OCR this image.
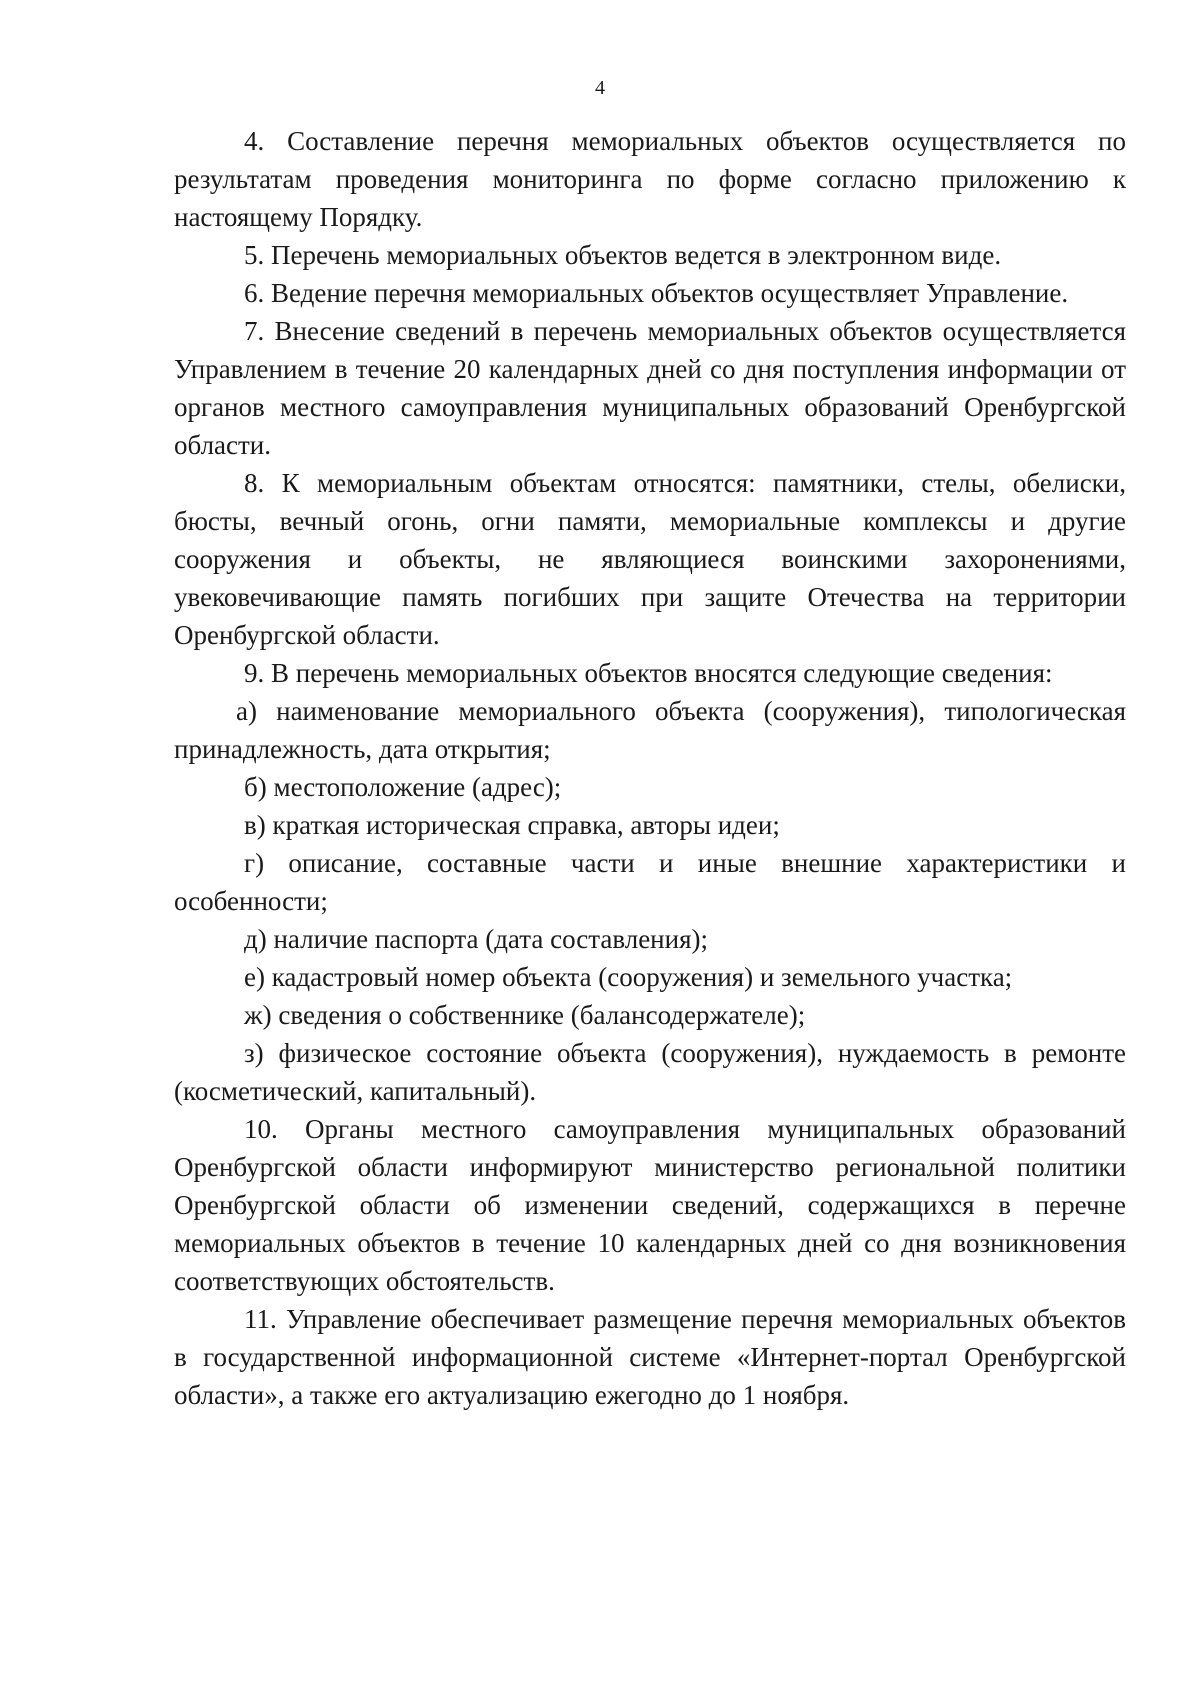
4

4. Составление перечня мемориальных объектов осуществляется по результатам проведения мониторинга по форме согласно приложению к настоящему Порядку.

5. Перечень мемориальных объектов ведется в электронном виде.

6. Ведение перечня мемориальных объектов осуществляет Управление.

7. Внесение сведений в перечень мемориальных объектов осуществляется Управлением в течение 20 календарных дней со дня поступления информации от органов местного самоуправления муниципальных образований Оренбургской области.

8. К мемориальным объектам относятся: памятники, стелы, обелиски, бюсты, вечный огонь, огни памяти, мемориальные комплексы и другие сооружения и объекты, не являющиеся воинскими захоронениями, увековечивающие память погибших при защите Отечества на территории Оренбургской области.

9. В перечень мемориальных объектов вносятся следующие сведения:

а) наименование мемориального объекта (сооружения), типологическая принадлежность, дата открытия;

б) местоположение (адрес);

в) краткая историческая справка, авторы идеи;

г) описание, составные части и иные внешние характеристики и особенности;

д) наличие паспорта (дата составления);

е) кадастровый номер объекта (сооружения) и земельного участка;

ж) сведения о собственнике (балансодержателе);

з) физическое состояние объекта (сооружения), нуждаемость в ремонте (косметический, капитальный).

10. Органы местного самоуправления муниципальных образований Оренбургской области информируют министерство региональной политики Оренбургской области об изменении сведений, содержащихся в перечне мемориальных объектов в течение 10 календарных дней со дня возникновения соответствующих обстоятельств.

11. Управление обеспечивает размещение перечня мемориальных объектов в государственной информационной системе «Интернет-портал Оренбургской области», а также его актуализацию ежегодно до 1 ноября.
